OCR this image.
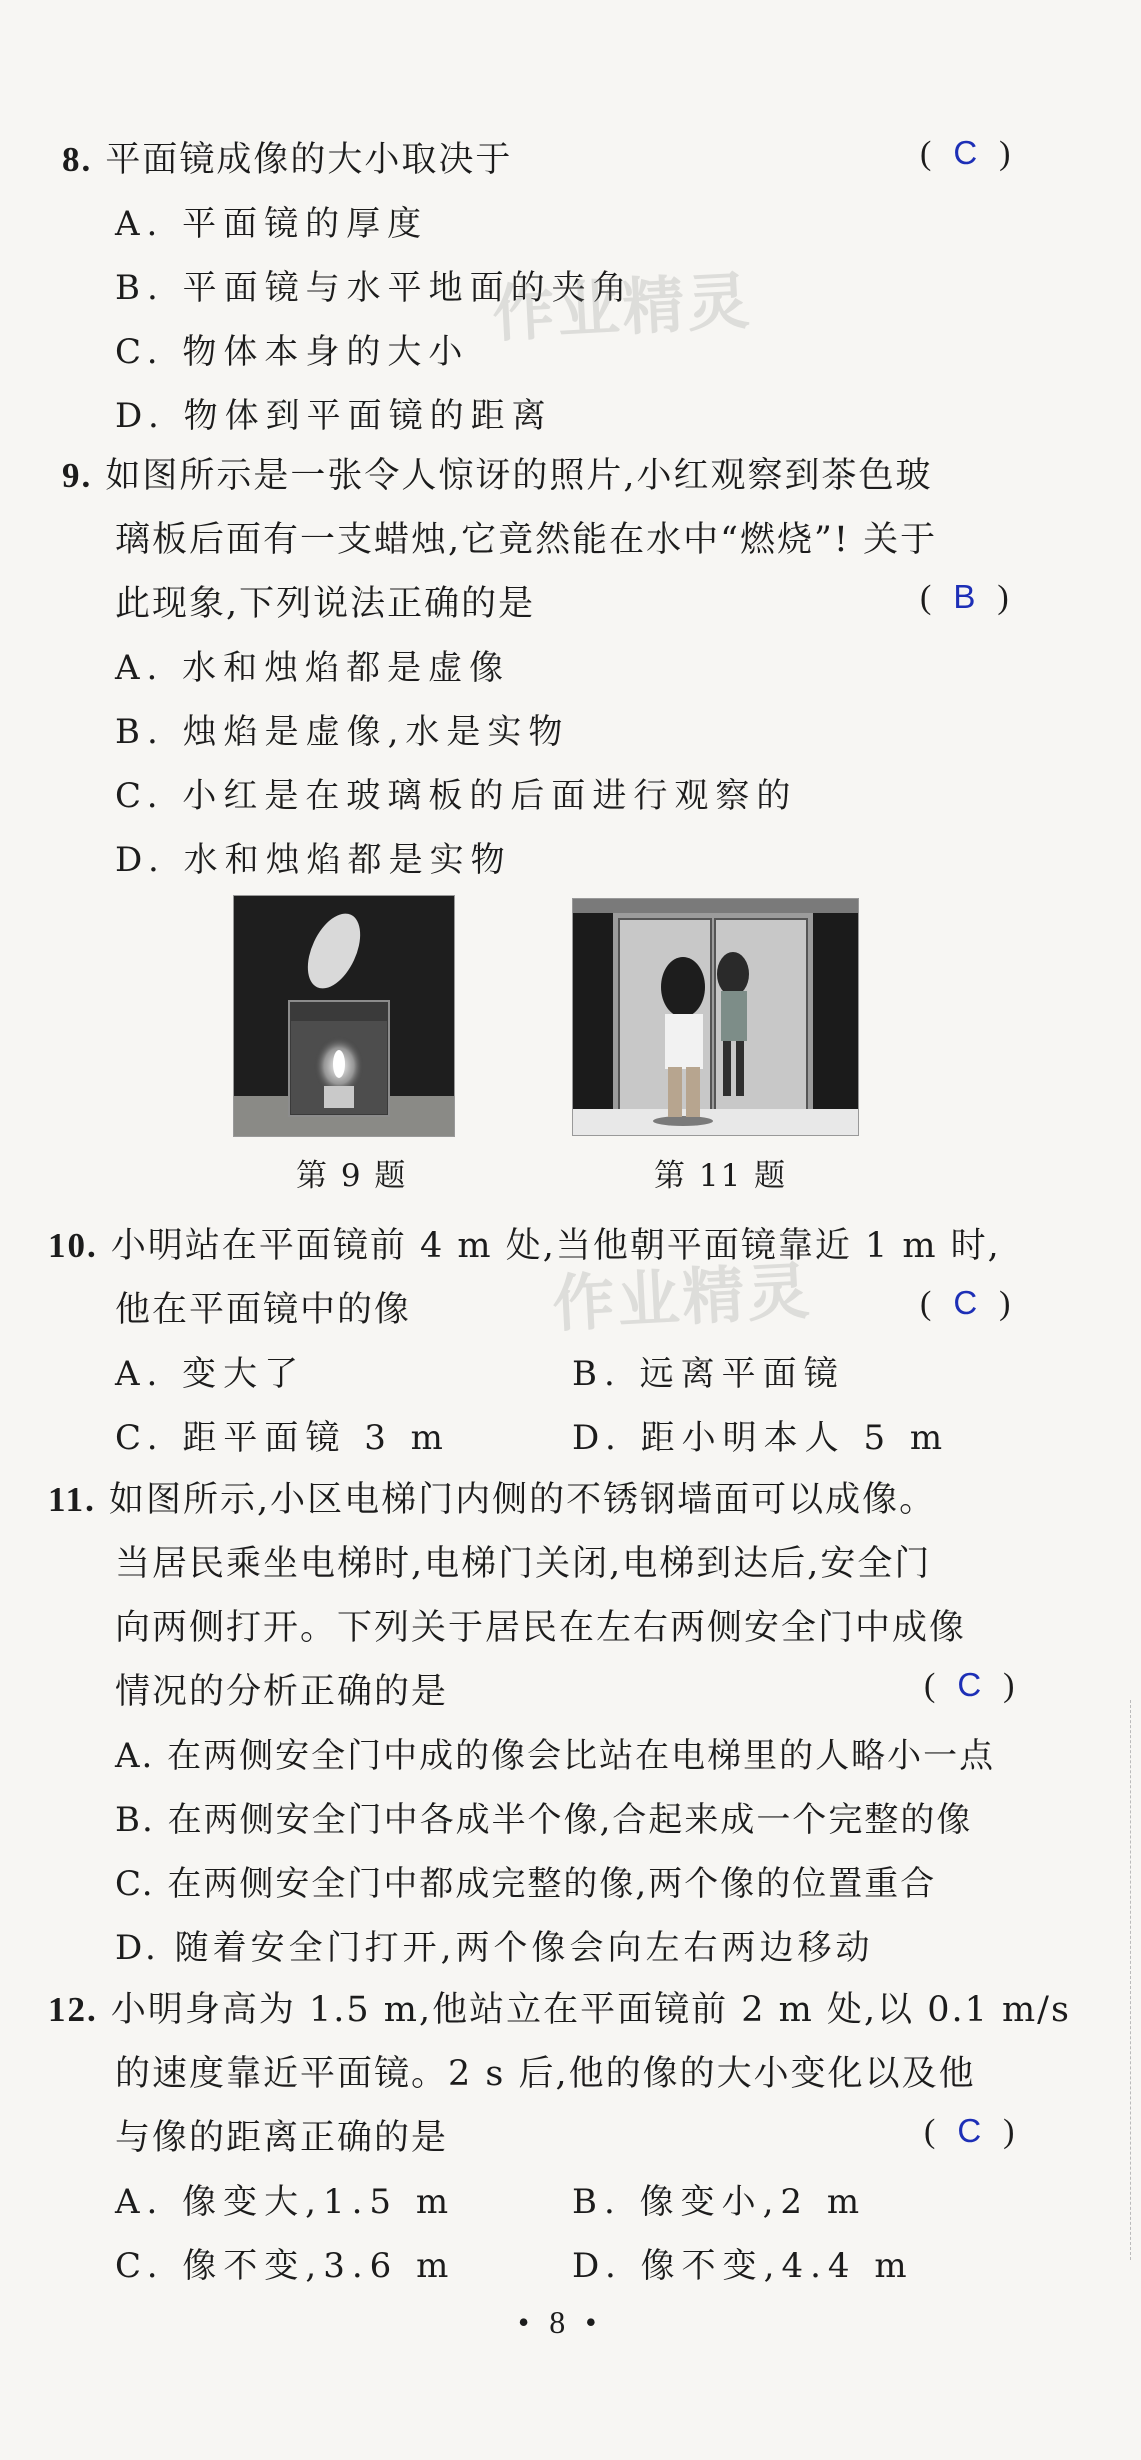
8. 平面镜成像的大小取决于	( C )
A. 平面镜的厚度
B. 平面镜与水平地面的夹角
C. 物体本身的大小
D. 物体到平面镜的距离
作业精灵
9. 如图所示是一张令人惊讶的照片,小红观察到茶色玻
璃板后面有一支蜡烛,它竟然能在水中“燃烧”! 关于
此现象,下列说法正确的是	( B )
A. 水和烛焰都是虚像
B. 烛焰是虚像,水是实物
C. 小红是在玻璃板的后面进行观察的
D. 水和烛焰都是实物
第 9 题	第 11 题
10. 小明站在平面镜前 4 m 处,当他朝平面镜靠近 1 m 时,
他在平面镜中的像	( C )
A. 变大了	B. 远离平面镜
C. 距平面镜 3 m	D. 距小明本人 5 m
作业精灵
11. 如图所示,小区电梯门内侧的不锈钢墙面可以成像。
当居民乘坐电梯时,电梯门关闭,电梯到达后,安全门
向两侧打开。下列关于居民在左右两侧安全门中成像
情况的分析正确的是	( C )
A. 在两侧安全门中成的像会比站在电梯里的人略小一点
B. 在两侧安全门中各成半个像,合起来成一个完整的像
C. 在两侧安全门中都成完整的像,两个像的位置重合
D. 随着安全门打开,两个像会向左右两边移动
12. 小明身高为 1.5 m,他站立在平面镜前 2 m 处,以 0.1 m/s
的速度靠近平面镜。2 s 后,他的像的大小变化以及他
与像的距离正确的是	( C )
A. 像变大,1.5 m	B. 像变小,2 m
C. 像不变,3.6 m	D. 像不变,4.4 m
• 8 •
